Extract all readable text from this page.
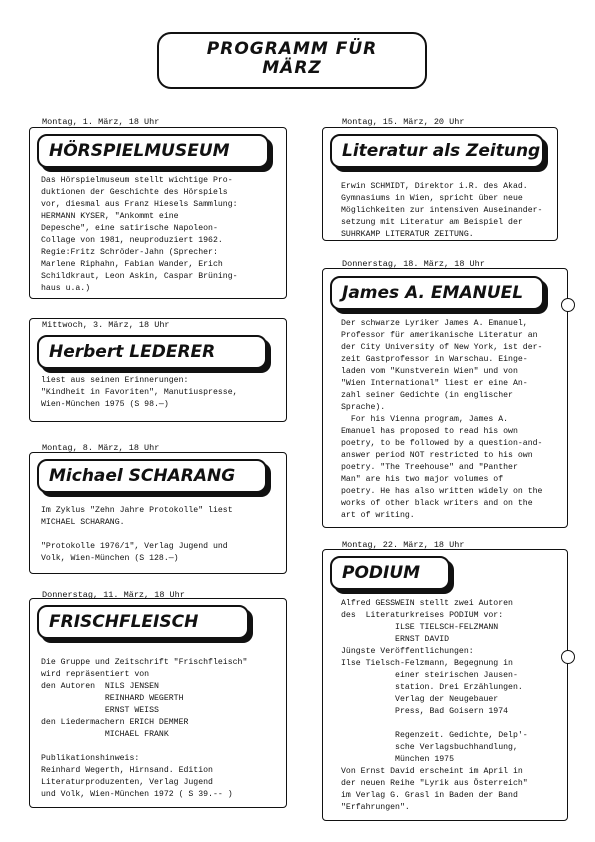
PROGRAMM FÜR
MÄRZ
Montag, 1. März, 18 Uhr
HÖRSPIELMUSEUM
Das Hörspielmuseum stellt wichtige Pro-
duktionen der Geschichte des Hörspiels
vor, diesmal aus Franz Hiesels Sammlung:
HERMANN KYSER, "Ankommt eine
Depesche", eine satirische Napoleon-
Collage von 1981, neuproduziert 1962.
Regie:Fritz Schröder-Jahn (Sprecher:
Marlene Riphahn, Fabian Wander, Erich
Schildkraut, Leon Askin, Caspar Brüning-
haus u.a.)
Mittwoch, 3. März, 18 Uhr
Herbert LEDERER
liest aus seinen Erinnerungen:
"Kindheit in Favoriten", Manutiuspresse,
Wien-München 1975 (S 98.—)
Montag, 8. März, 18 Uhr
Michael SCHARANG
Im Zyklus "Zehn Jahre Protokolle" liest
MICHAEL SCHARANG.

"Protokolle 1976/1", Verlag Jugend und
Volk, Wien-München (S 128.—)
Donnerstag, 11. März, 18 Uhr
FRISCHFLEISCH
Die Gruppe und Zeitschrift "Frischfleisch"
wird repräsentiert von
den Autoren  NILS JENSEN
REINHARD WEGERTH
ERNST WEISS
den Liedermachern ERICH DEMMER
MICHAEL FRANK

Publikationshinweis:
Reinhard Wegerth, Hirnsand. Edition
Literaturproduzenten, Verlag Jugend
und Volk, Wien-München 1972 ( S 39.-- )
Montag, 15. März, 20 Uhr
Literatur als Zeitung
Erwin SCHMIDT, Direktor i.R. des Akad.
Gymnasiums in Wien, spricht über neue
Möglichkeiten zur intensiven Auseinander-
setzung mit Literatur am Beispiel der
SUHRKAMP LITERATUR ZEITUNG.
Donnerstag, 18. März, 18 Uhr
James A. EMANUEL
Der schwarze Lyriker James A. Emanuel,
Professor für amerikanische Literatur an
der City University of New York, ist der-
zeit Gastprofessor in Warschau. Einge-
laden vom "Kunstverein Wien" und von
"Wien International" liest er eine An-
zahl seiner Gedichte (in englischer
Sprache).
For his Vienna program, James A.
Emanuel has proposed to read his own
poetry, to be followed by a question-and-
answer period NOT restricted to his own
poetry. "The Treehouse" and "Panther
Man" are his two major volumes of
poetry. He has also written widely on the
works of other black writers and on the
art of writing.
Montag, 22. März, 18 Uhr
PODIUM
Alfred GESSWEIN stellt zwei Autoren
des  Literaturkreises PODIUM vor:
ILSE TIELSCH-FELZMANN
ERNST DAVID
Jüngste Veröffentlichungen:
Ilse Tielsch-Felzmann, Begegnung in
einer steirischen Jausen-
station. Drei Erzählungen.
Verlag der Neugebauer
Press, Bad Goisern 1974

Regenzeit. Gedichte, Delp'-
sche Verlagsbuchhandlung,
München 1975
Von Ernst David erscheint im April in
der neuen Reihe "Lyrik aus Österreich"
im Verlag G. Grasl in Baden der Band
"Erfahrungen".
